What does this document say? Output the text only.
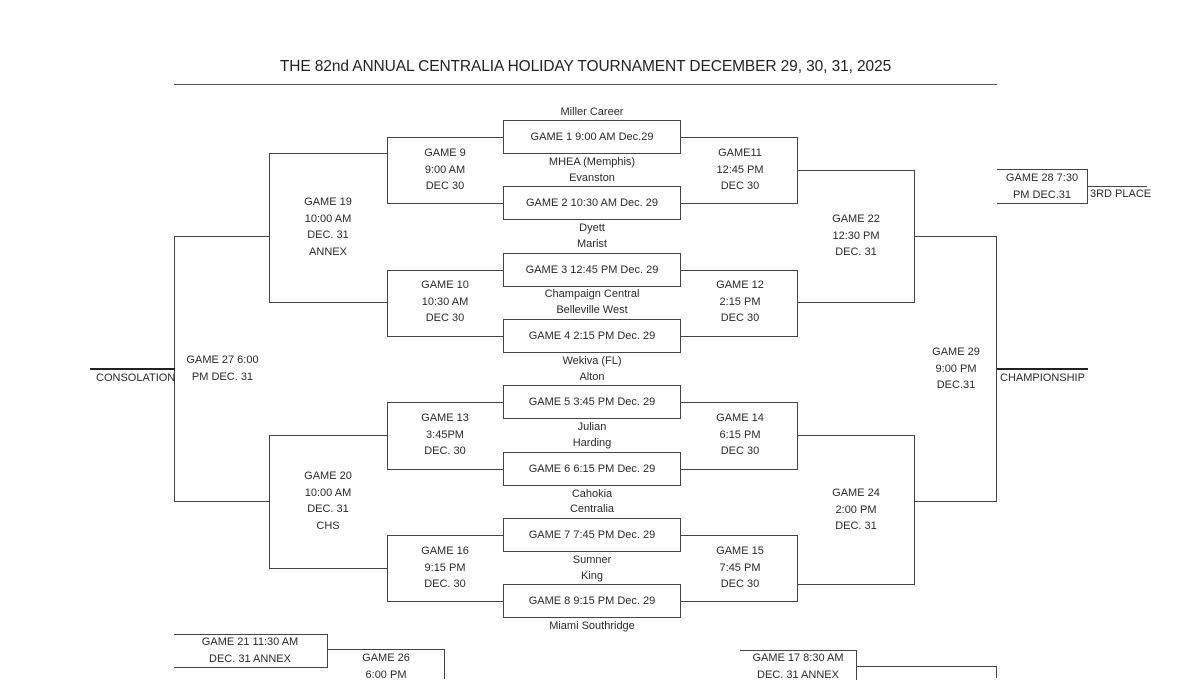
THE 82nd ANNUAL CENTRALIA HOLIDAY TOURNAMENT DECEMBER 29, 30, 31, 2025
GAME 1 9:00 AM Dec.29
GAME 2 10:30 AM Dec. 29
GAME 3 12:45 PM Dec. 29
GAME 4 2:15 PM Dec. 29
GAME 5 3:45 PM Dec. 29
GAME 6 6:15 PM Dec. 29
GAME 7 7:45 PM Dec. 29
GAME 8 9:15 PM Dec. 29
Miller Career
MHEA (Memphis)
Evanston
Dyett
Marist
Champaign Central
Belleville West
Wekiva (FL)
Alton
Julian
Harding
Cahokia
Centralia
Sumner
King
Miami Southridge
GAME 9
9:00 AM
DEC 30
GAME 10
10:30 AM
DEC 30
GAME 13
3:45PM
DEC. 30
GAME 16
9:15 PM
DEC. 30
GAME11
12:45 PM
DEC 30
GAME 12
2:15 PM
DEC 30
GAME 14
6:15 PM
DEC 30
GAME 15
7:45 PM
DEC 30
GAME 19
10:00 AM
DEC. 31
ANNEX
GAME 20
10:00 AM
DEC. 31
CHS
GAME 22
12:30 PM
DEC. 31
GAME 24
2:00 PM
DEC. 31
GAME 27 6:00
PM DEC. 31
CONSOLATION
GAME 29
9:00 PM
DEC.31
CHAMPIONSHIP
GAME 28 7:30
PM DEC.31	3RD PLACE
GAME 21 11:30 AM
DEC. 31 ANNEX	GAME 26
6:00 PM
GAME 17 8:30 AM
DEC. 31 ANNEX
